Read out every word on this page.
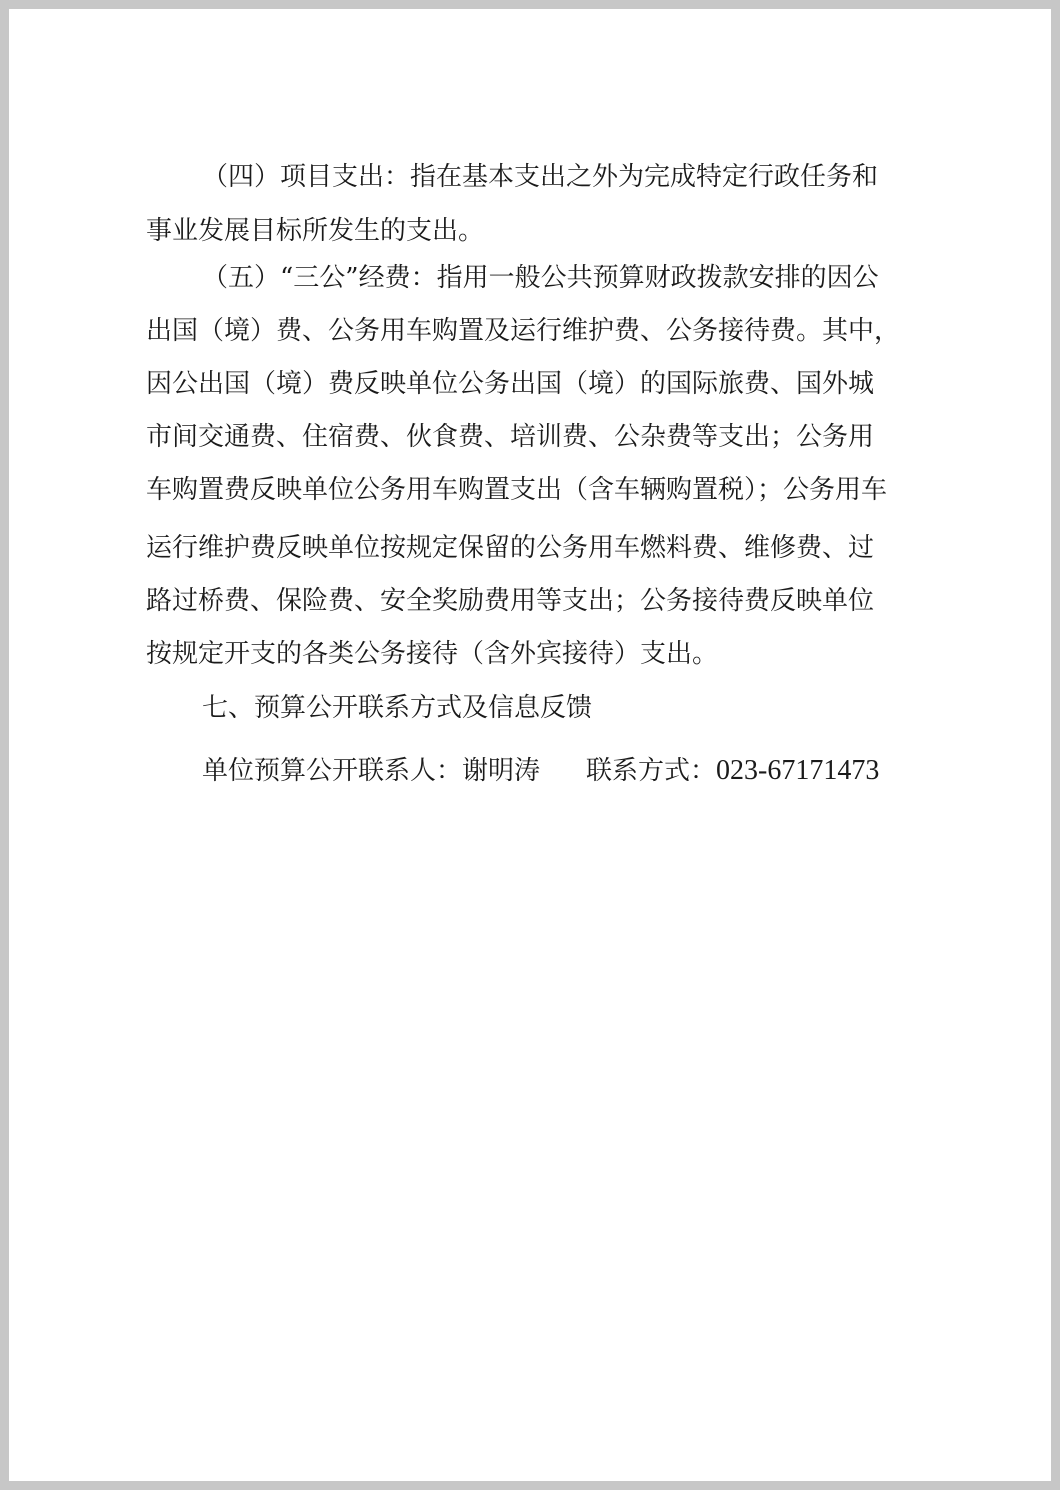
（四）项目支出：指在基本支出之外为完成特定行政任务和
事业发展目标所发生的支出。
（五）“三公”经费：指用一般公共预算财政拨款安排的因公
出国（境）费、公务用车购置及运行维护费、公务接待费。其中，
因公出国（境）费反映单位公务出国（境）的国际旅费、国外城
市间交通费、住宿费、伙食费、培训费、公杂费等支出；公务用
车购置费反映单位公务用车购置支出（含车辆购置税）；公务用车
运行维护费反映单位按规定保留的公务用车燃料费、维修费、过
路过桥费、保险费、安全奖励费用等支出；公务接待费反映单位
按规定开支的各类公务接待（含外宾接待）支出。
七、预算公开联系方式及信息反馈
单位预算公开联系人：谢明涛 联系方式：023-67171473
